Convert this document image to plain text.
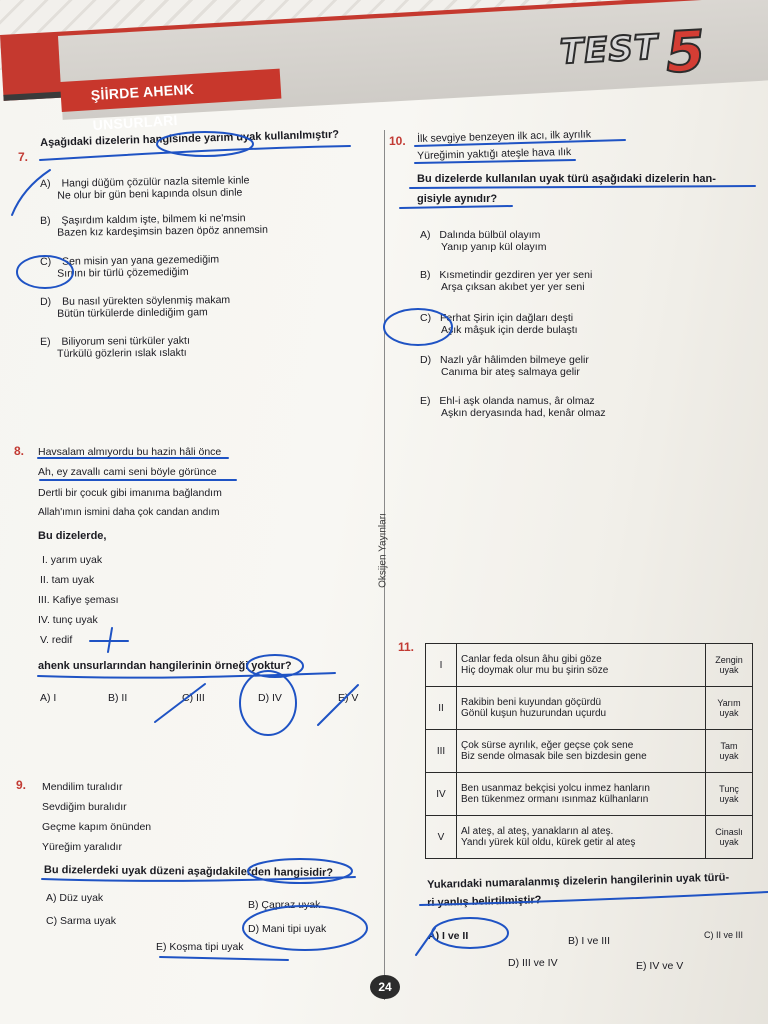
ŞİİRDE AHENK UNSURLARI
TEST 5
7.
Aşağıdaki dizelerin hangisinde yarım uyak kullanılmıştır?
A) Hangi düğüm çözülür nazla sitemle kinle
Ne olur bir gün beni kapında olsun dinle
B) Şaşırdım kaldım işte, bilmem ki ne'msin
Bazen kız kardeşimsin bazen öpöz annemsin
C) Sen misin yan yana gezemediğim
Sırrını bir türlü çözemediğim
D) Bu nasıl yürekten söylenmiş makam
Bütün türkülerde dinlediğim gam
E) Biliyorum seni türküler yaktı
Türkülü gözlerin ıslak ıslaktı
8. Havsalam almıyordu bu hazin hâli önce
Ah, ey zavallı cami seni böyle görünce
Dertli bir çocuk gibi imanıma bağlandım
Allah'ımın ismini daha çok candan andım
Bu dizelerde,
I. yarım uyak
II. tam uyak
III. Kafiye şeması
IV. tunç uyak
V. redif
ahenk unsurlarından hangilerinin örneği yoktur?
A) I	B) II	C) III	D) IV	E) V
9. Mendilim turalıdır
Sevdiğim buralıdır
Geçme kapım önünden
Yüreğim yaralıdır
Bu dizelerdeki uyak düzeni aşağıdakilerden hangisidir?
A) Düz uyak
B) Çapraz uyak
C) Sarma uyak
D) Mani tipi uyak
E) Koşma tipi uyak
Oksijen Yayınları
10. İlk sevgiye benzeyen ilk acı, ilk ayrılık
Yüreğimin yaktığı ateşle hava ılık
Bu dizelerde kullanılan uyak türü aşağıdaki dizelerin han-
gisiyle aynıdır?
A) Dalında bülbül olayım
Yanıp yanıp kül olayım
B) Kısmetindir gezdiren yer yer seni
Arşa çıksan akıbet yer yer seni
C) Ferhat Şirin için dağları deşti
Aşık mâşuk için derde bulaştı
D) Nazlı yâr hâlimden bilmeye gelir
Canıma bir ateş salmaya gelir
E) Ehl-i aşk olanda namus, âr olmaz
Aşkın deryasında had, kenâr olmaz
11.
I	Canlar feda olsun âhu gibi göze
Hiç doymak olur mu bu şirin söze	Zengin
uyak
II	Rakibin beni kuyundan göçürdü
Gönül kuşun huzurundan uçurdu	Yarım
uyak
III	Çok sürse ayrılık, eğer geçse çok sene
Biz sende olmasak bile sen bizdesin gene	Tam
uyak
IV	Ben usanmaz bekçisi yolcu inmez hanların
Ben tükenmez ormanı ısınmaz külhanların	Tunç
uyak
V	Al ateş, al ateş, yanakların al ateş.
Yandı yürek kül oldu, kürek getir al ateş	Cinaslı
uyak
Yukarıdaki numaralanmış dizelerin hangilerinin uyak türü-
ri yanlış belirtilmiştir?
A) I ve II	B) I ve III	C) II ve III
D) III ve IV	E) IV ve V
24
